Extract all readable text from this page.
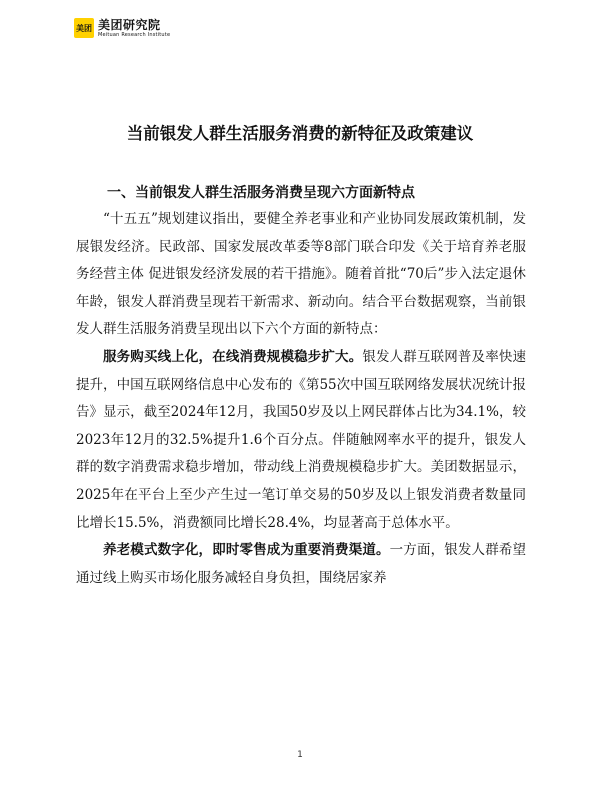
美团 美团研究院
Meituan Research Institute
当前银发人群生活服务消费的新特征及政策建议
一、当前银发人群生活服务消费呈现六方面新特点

“十五五”规划建议指出，要健全养老事业和产业协同发展政策机制，发展银发经济。民政部、国家发展改革委等8部门联合印发《关于培育养老服务经营主体 促进银发经济发展的若干措施》。随着首批“70后”步入法定退休年龄，银发人群消费呈现若干新需求、新动向。结合平台数据观察，当前银发人群生活服务消费呈现出以下六个方面的新特点：

服务购买线上化，在线消费规模稳步扩大。银发人群互联网普及率快速提升，中国互联网络信息中心发布的《第55次中国互联网络发展状况统计报告》显示，截至2024年12月，我国50岁及以上网民群体占比为34.1%，较2023年12月的32.5%提升1.6个百分点。伴随触网率水平的提升，银发人群的数字消费需求稳步增加，带动线上消费规模稳步扩大。美团数据显示，2025年在平台上至少产生过一笔订单交易的50岁及以上银发消费者数量同比增长15.5%，消费额同比增长28.4%，均显著高于总体水平。

养老模式数字化，即时零售成为重要消费渠道。一方面，银发人群希望通过线上购买市场化服务减轻自身负担，围绕居家养

1
